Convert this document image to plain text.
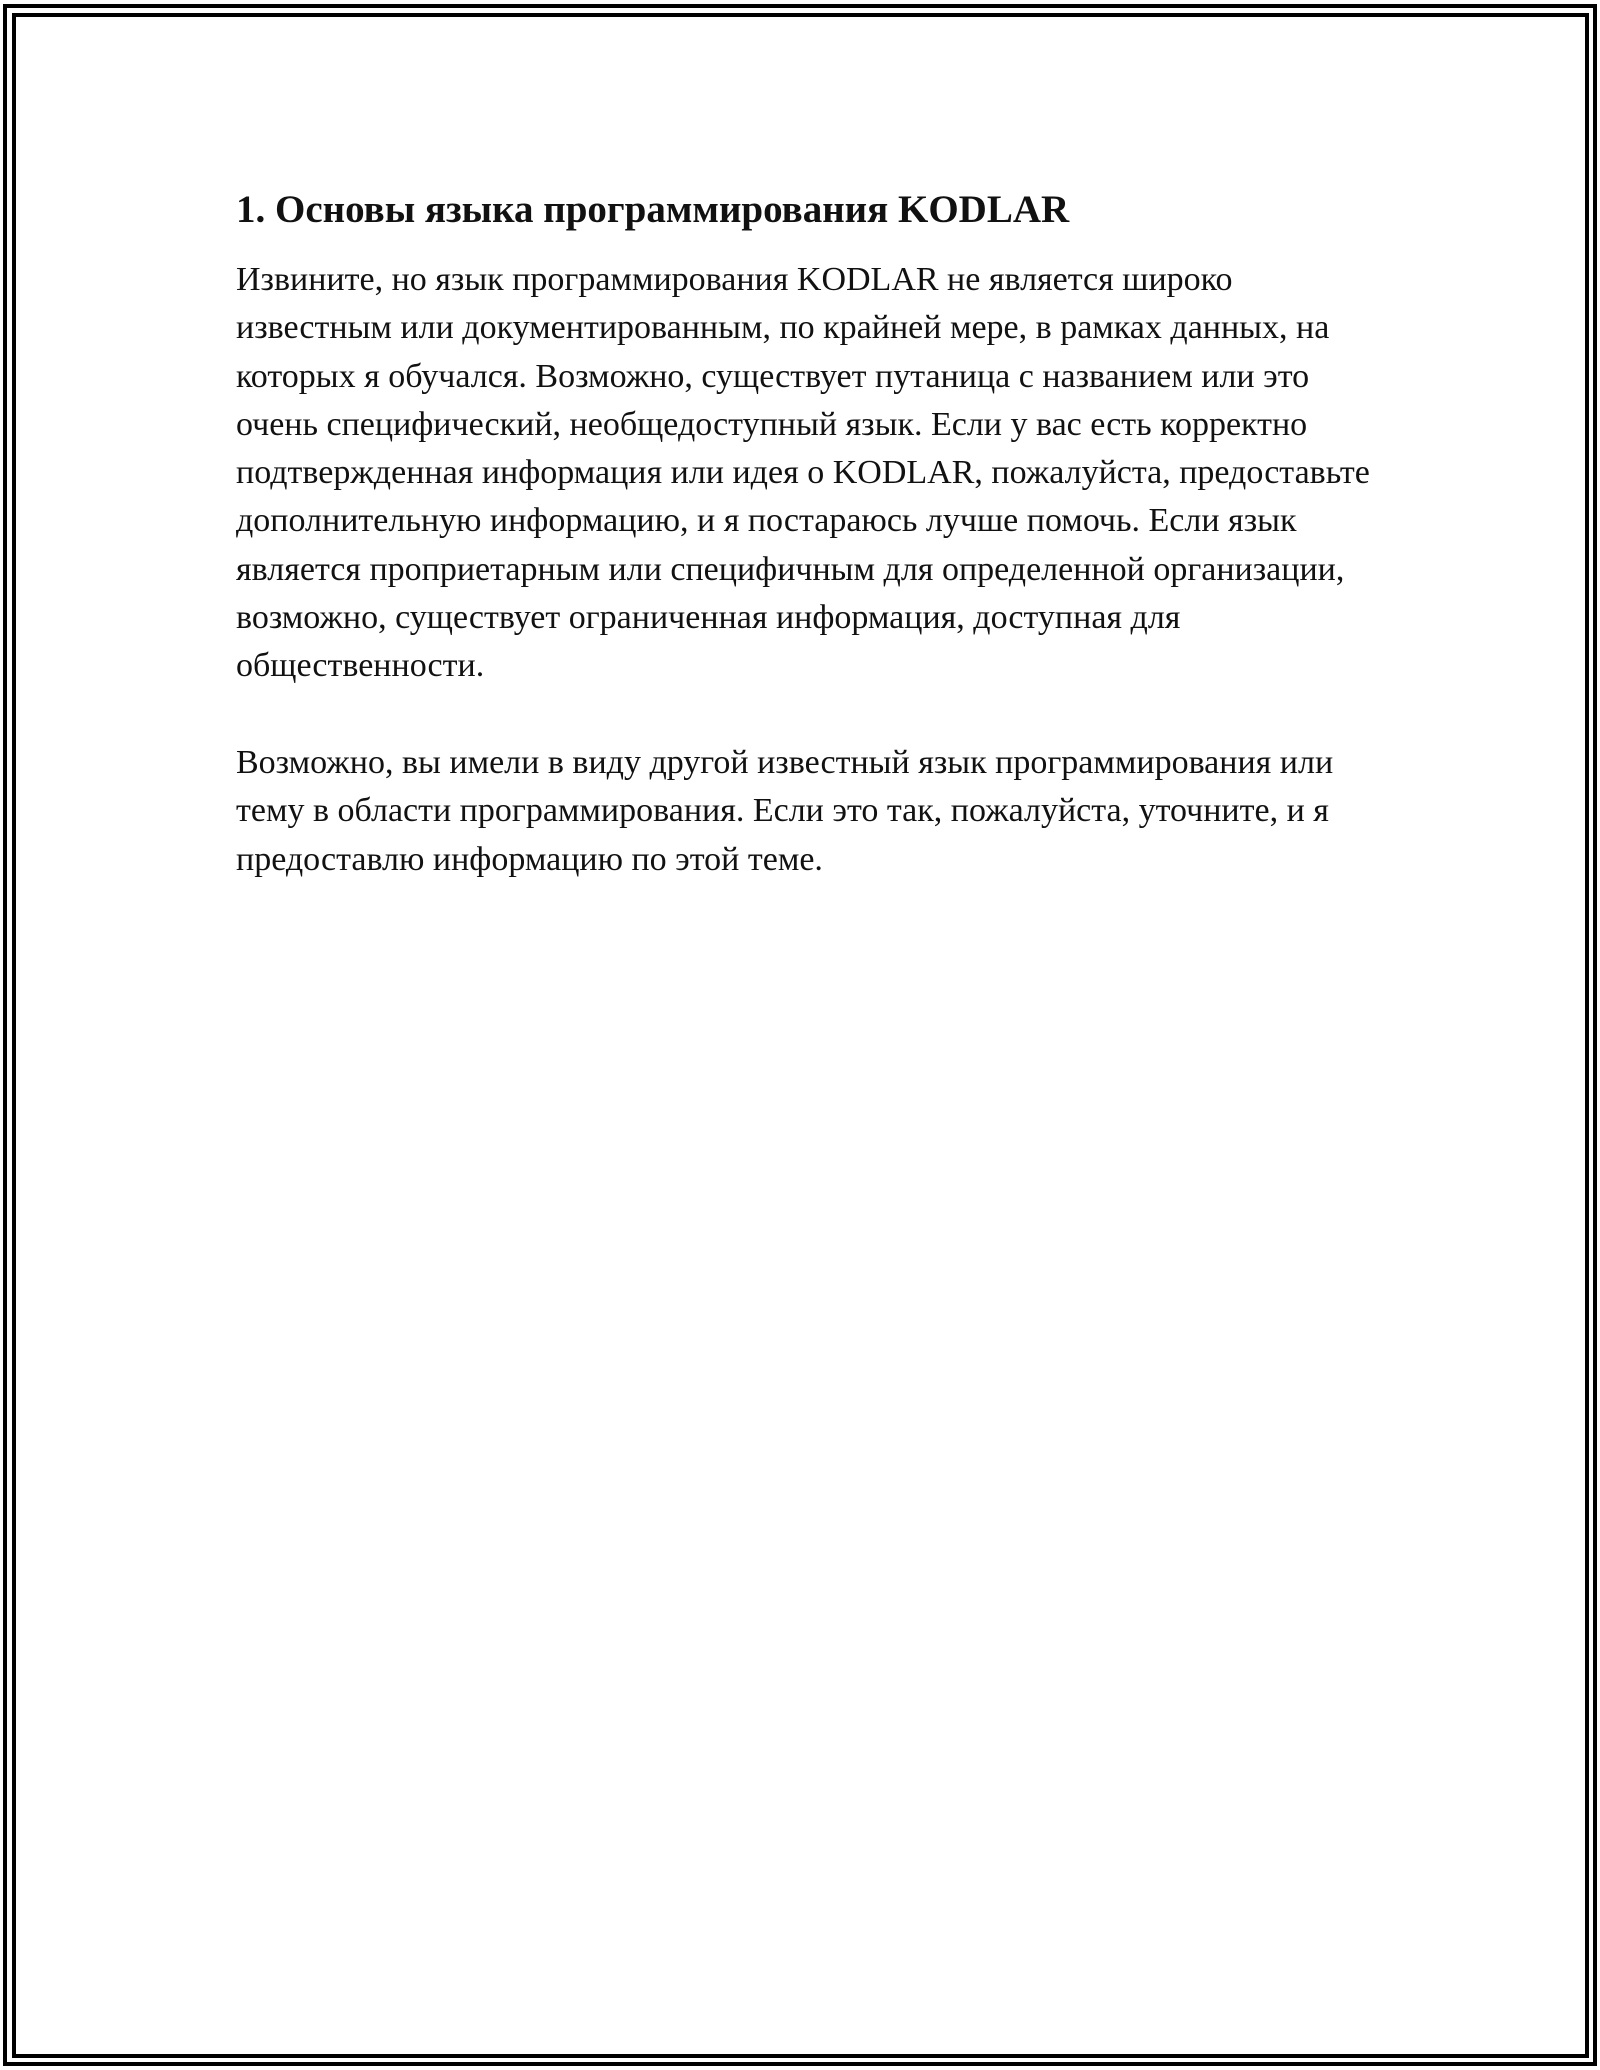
1. Основы языка программирования KODLAR

Извините, но язык программирования KODLAR не является широко известным или документированным, по крайней мере, в рамках данных, на которых я обучался. Возможно, существует путаница с названием или это очень специфический, необщедоступный язык. Если у вас есть корректно подтвержденная информация или идея о KODLAR, пожалуйста, предоставьте дополнительную информацию, и я постараюсь лучше помочь. Если язык является проприетарным или специфичным для определенной организации, возможно, существует ограниченная информация, доступная для общественности.

Возможно, вы имели в виду другой известный язык программирования или тему в области программирования. Если это так, пожалуйста, уточните, и я предоставлю информацию по этой теме.
